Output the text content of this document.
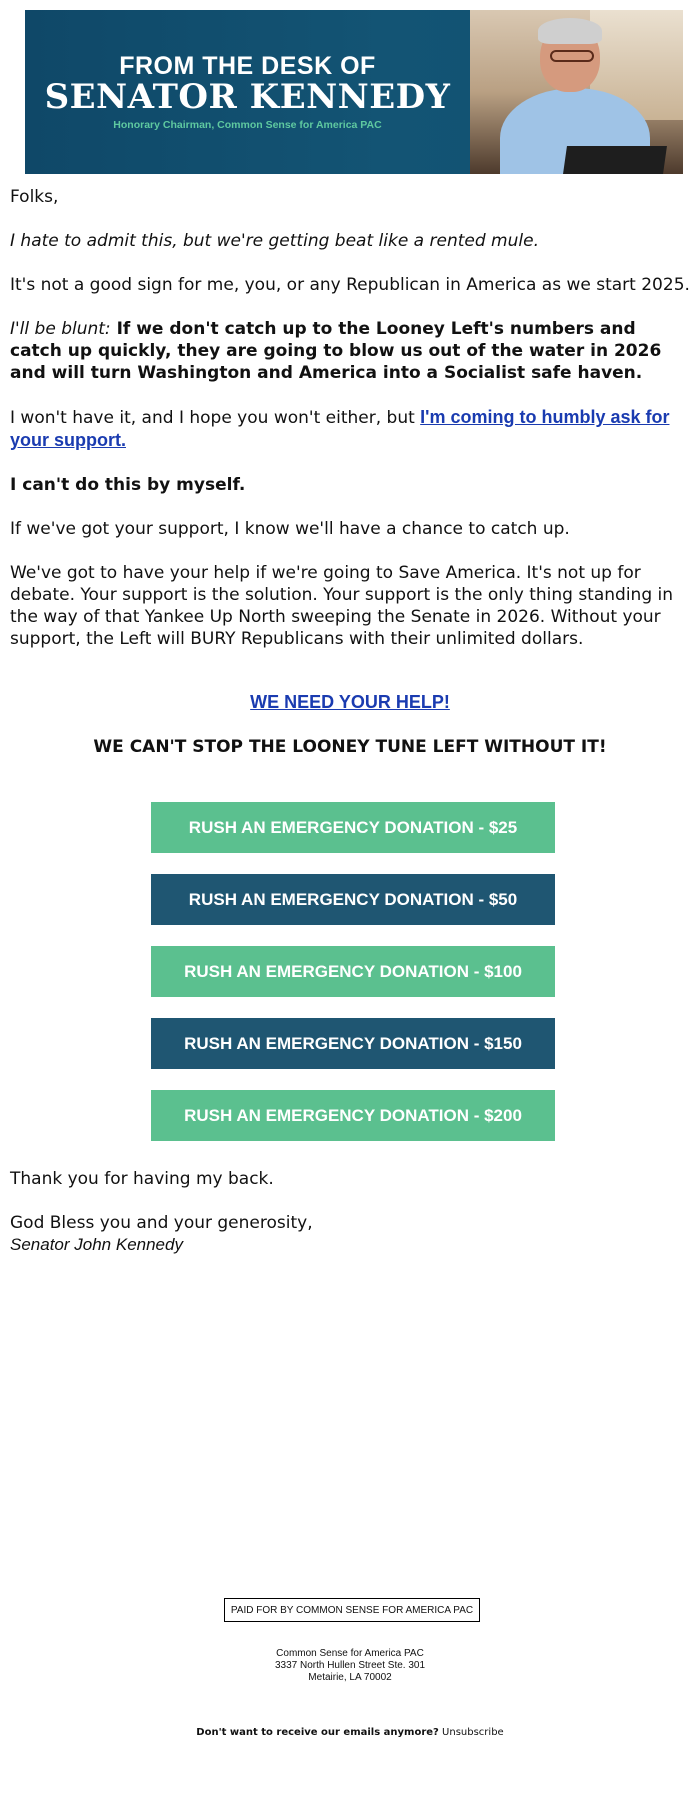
FROM THE DESK OF
SENATOR KENNEDY
Honorary Chairman, Common Sense for America PAC

Folks,

I hate to admit this, but we're getting beat like a rented mule.

It's not a good sign for me, you, or any Republican in America as we start 2025.

I'll be blunt: If we don't catch up to the Looney Left's numbers and catch up quickly, they are going to blow us out of the water in 2026 and will turn Washington and America into a Socialist safe haven.

I won't have it, and I hope you won't either, but I'm coming to humbly ask for your support.

I can't do this by myself.

If we've got your support, I know we'll have a chance to catch up.

We've got to have your help if we're going to Save America. It's not up for debate. Your support is the solution. Your support is the only thing standing in the way of that Yankee Up North sweeping the Senate in 2026. Without your support, the Left will BURY Republicans with their unlimited dollars.

WE NEED YOUR HELP!
WE CAN'T STOP THE LOONEY TUNE LEFT WITHOUT IT!
RUSH AN EMERGENCY DONATION - $25
RUSH AN EMERGENCY DONATION - $50
RUSH AN EMERGENCY DONATION - $100
RUSH AN EMERGENCY DONATION - $150
RUSH AN EMERGENCY DONATION - $200

Thank you for having my back.

God Bless you and your generosity,
Senator John Kennedy
PAID FOR BY COMMON SENSE FOR AMERICA PAC
Common Sense for America PAC
3337 North Hullen Street Ste. 301
Metairie, LA 70002
Don't want to receive our emails anymore? Unsubscribe
